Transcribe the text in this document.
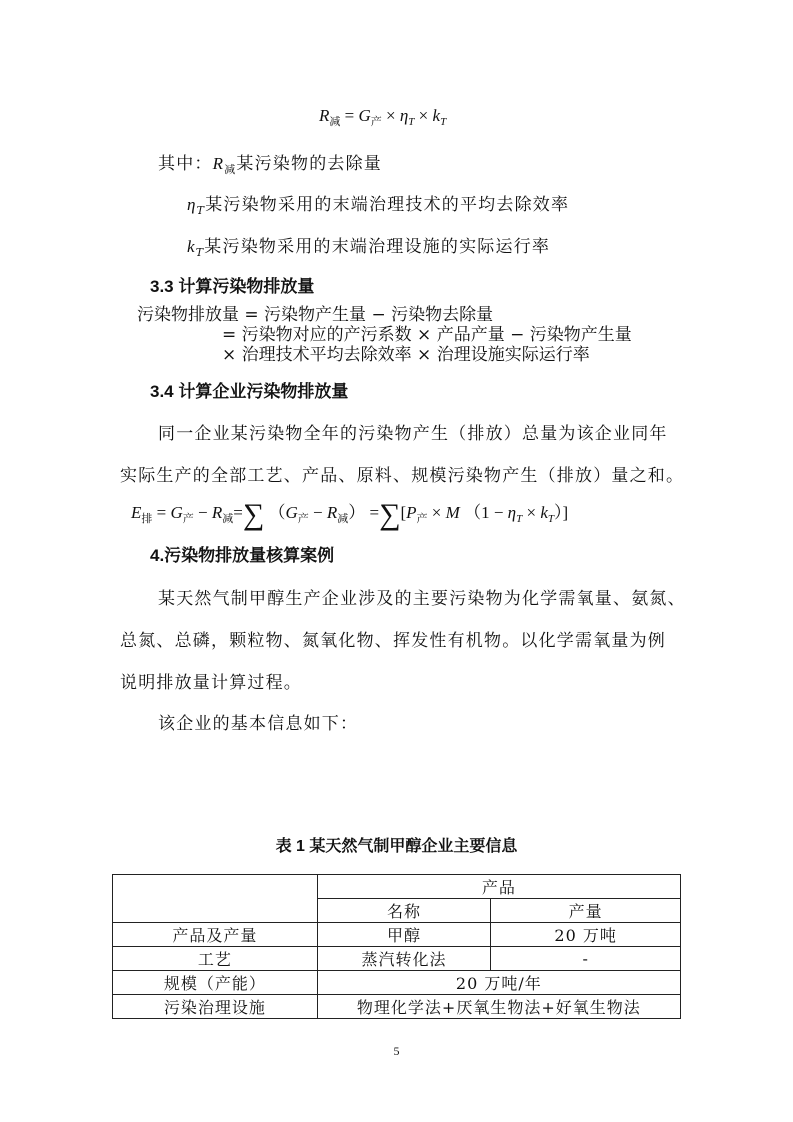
$R_减 = G_产 \times \eta_T \times k_T$
其中：$R_减$某污染物的去除量
$\eta_T$某污染物采用的末端治理技术的平均去除效率
$k_T$某污染物采用的末端治理设施的实际运行率
3.3 计算污染物排放量
污染物排放量 = 污染物产生量 − 污染物去除量
= 污染物对应的产污系数 × 产品产量 − 污染物产生量
× 治理技术平均去除效率 × 治理设施实际运行率
3.4 计算企业污染物排放量
同一企业某污染物全年的污染物产生（排放）总量为该企业同年
实际生产的全部工艺、产品、原料、规模污染物产生（排放）量之和。
$E_排 = G_产 - R_减=\sum$ $(G_产 - R_减) =\sum[P_产 \times M$ $(1 - \eta_T \times k_T)$]
4.污染物排放量核算案例
某天然气制甲醇生产企业涉及的主要污染物为化学需氧量、氨氮、
总氮、总磷，颗粒物、氮氧化物、挥发性有机物。以化学需氧量为例
说明排放量计算过程。
该企业的基本信息如下：
表 1 某天然气制甲醇企业主要信息
	产品	
	名称	产量
产品及产量	甲醇	20 万吨
工艺	蒸汽转化法	-
规模（产能）	20 万吨/年	
污染治理设施	物理化学法+厌氧生物法+好氧生物法	
5
